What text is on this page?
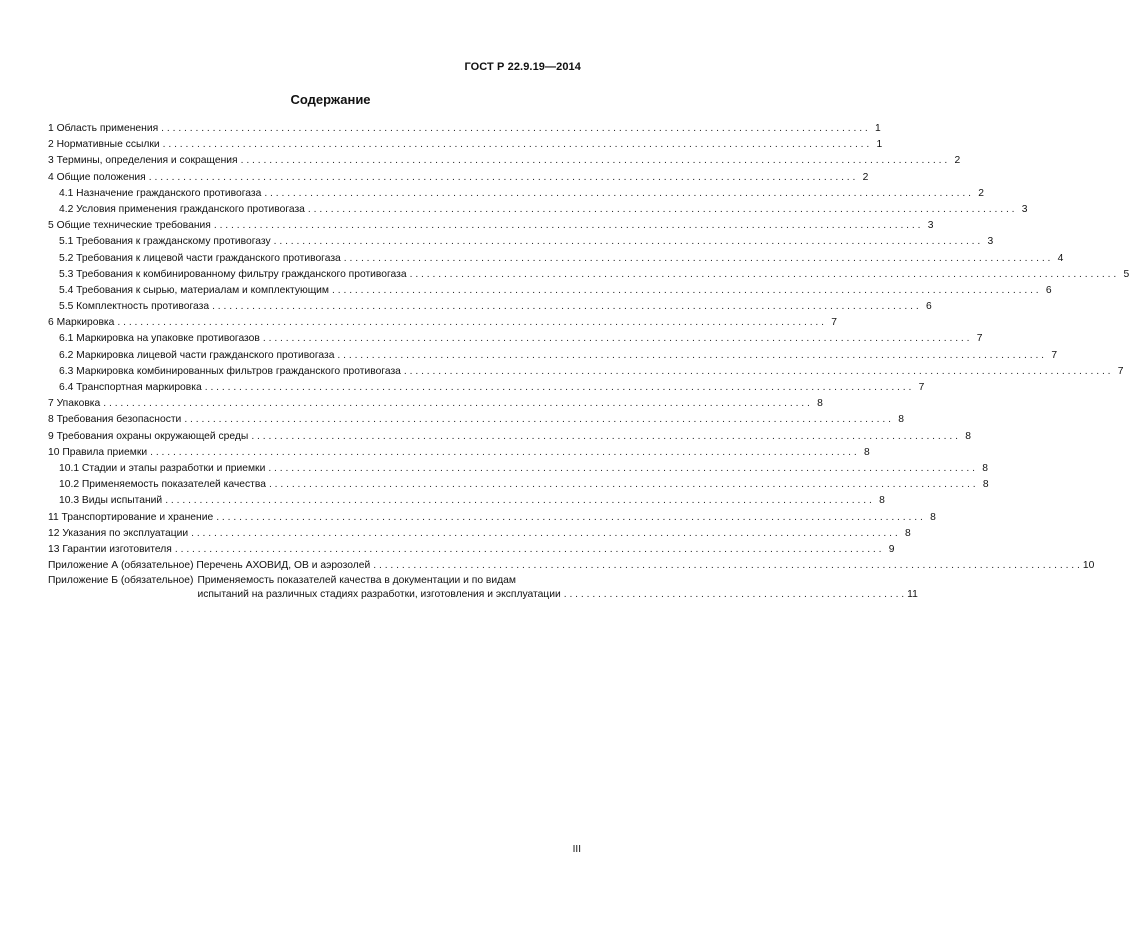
ГОСТ Р 22.9.19—2014
Содержание
1 Область применения . . .	1
2 Нормативные ссылки . . .	1
3 Термины, определения и сокращения . . .	2
4 Общие положения . . .	2
4.1 Назначение гражданского противогаза . . .	2
4.2 Условия применения гражданского противогаза . . .	3
5 Общие технические требования . . .	3
5.1 Требования к гражданскому противогазу . . .	3
5.2 Требования к лицевой части гражданского противогаза . . .	4
5.3 Требования к комбинированному фильтру гражданского противогаза . . .	5
5.4 Требования к сырью, материалам и комплектующим . . .	6
5.5 Комплектность противогаза . . .	6
6 Маркировка . . .	7
6.1 Маркировка на упаковке противогазов . . .	7
6.2 Маркировка лицевой части гражданского противогаза . . .	7
6.3 Маркировка комбинированных фильтров гражданского противогаза . . .	7
6.4 Транспортная маркировка . . .	7
7 Упаковка . . .	8
8 Требования безопасности . . .	8
9 Требования охраны окружающей среды . . .	8
10 Правила приемки . . .	8
10.1 Стадии и этапы разработки и приемки . . .	8
10.2 Применяемость показателей качества . . .	8
10.3 Виды испытаний . . .	8
11 Транспортирование и хранение . . .	8
12 Указания по эксплуатации . . .	8
13 Гарантии изготовителя . . .	9
Приложение А (обязательное) Перечень АХОВИД, ОВ и аэрозолей . . .	10
Приложение Б (обязательное) Применяемость показателей качества в документации и по видам
испытаний на различных стадиях разработки, изготовления и эксплуатации . . .	11
III
